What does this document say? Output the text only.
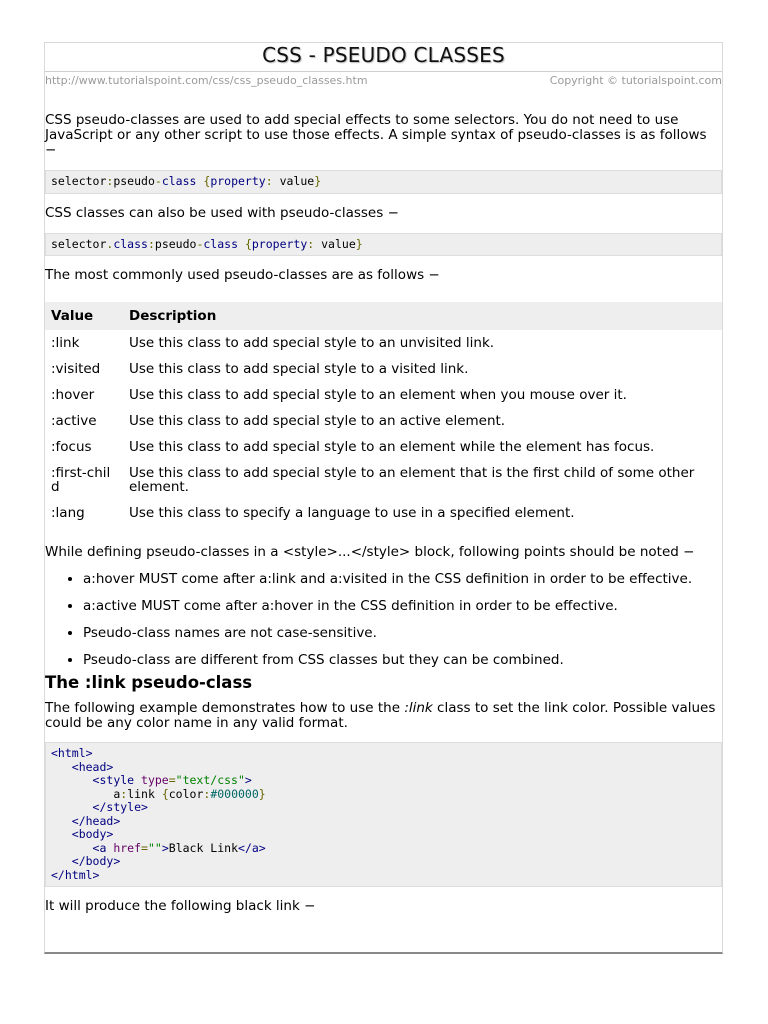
CSS - PSEUDO CLASSES
http://www.tutorialspoint.com/css/css_pseudo_classes.htm	Copyright © tutorialspoint.com

CSS pseudo-classes are used to add special effects to some selectors. You do not need to use JavaScript or any other script to use those effects. A simple syntax of pseudo-classes is as follows −

selector:pseudo-class {property: value}

CSS classes can also be used with pseudo-classes −

selector.class:pseudo-class {property: value}

The most commonly used pseudo-classes are as follows −

Value	Description
:link	Use this class to add special style to an unvisited link.
:visited	Use this class to add special style to a visited link.
:hover	Use this class to add special style to an element when you mouse over it.
:active	Use this class to add special style to an active element.
:focus	Use this class to add special style to an element while the element has focus.
:first-child	Use this class to add special style to an element that is the first child of some other element.
:lang	Use this class to specify a language to use in a specified element.

While defining pseudo-classes in a <style>...</style> block, following points should be noted −

• a:hover MUST come after a:link and a:visited in the CSS definition in order to be effective.
• a:active MUST come after a:hover in the CSS definition in order to be effective.
• Pseudo-class names are not case-sensitive.
• Pseudo-class are different from CSS classes but they can be combined.
The :link pseudo-class

The following example demonstrates how to use the :link class to set the link color. Possible values could be any color name in any valid format.

<html>
<head>
<style type="text/css">
a:link {color:#000000}
</style>
</head>
<body>
<a href="">Black Link</a>
</body>
</html>

It will produce the following black link −
